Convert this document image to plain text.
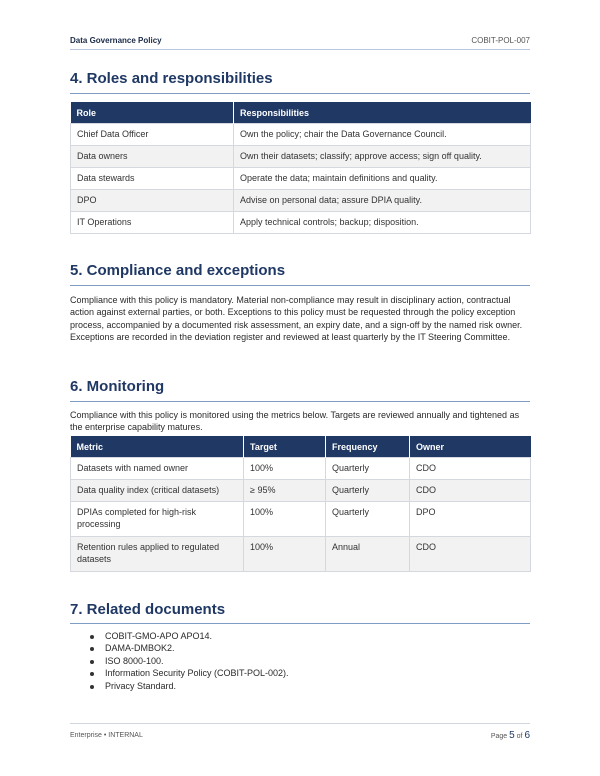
Data Governance Policy	COBIT-POL-007
4. Roles and responsibilities
Role	Responsibilities
Chief Data Officer	Own the policy; chair the Data Governance Council.
Data owners	Own their datasets; classify; approve access; sign off quality.
Data stewards	Operate the data; maintain definitions and quality.
DPO	Advise on personal data; assure DPIA quality.
IT Operations	Apply technical controls; backup; disposition.
5. Compliance and exceptions

Compliance with this policy is mandatory. Material non-compliance may result in disciplinary action, contractual action against external parties, or both. Exceptions to this policy must be requested through the policy exception process, accompanied by a documented risk assessment, an expiry date, and a sign-off by the named risk owner. Exceptions are recorded in the deviation register and reviewed at least quarterly by the IT Steering Committee.

6. Monitoring

Compliance with this policy is monitored using the metrics below. Targets are reviewed annually and tightened as the enterprise capability matures.

Metric	Target	Frequency	Owner
Datasets with named owner	100%	Quarterly	CDO
Data quality index (critical datasets)	≥ 95%	Quarterly	CDO
DPIAs completed for high-risk processing	100%	Quarterly	DPO
Retention rules applied to regulated datasets	100%	Annual	CDO
7. Related documents
COBIT-GMO-APO APO14.
DAMA-DMBOK2.
ISO 8000-100.
Information Security Policy (COBIT-POL-002).
Privacy Standard.
Enterprise • INTERNAL	Page 5 of 6
